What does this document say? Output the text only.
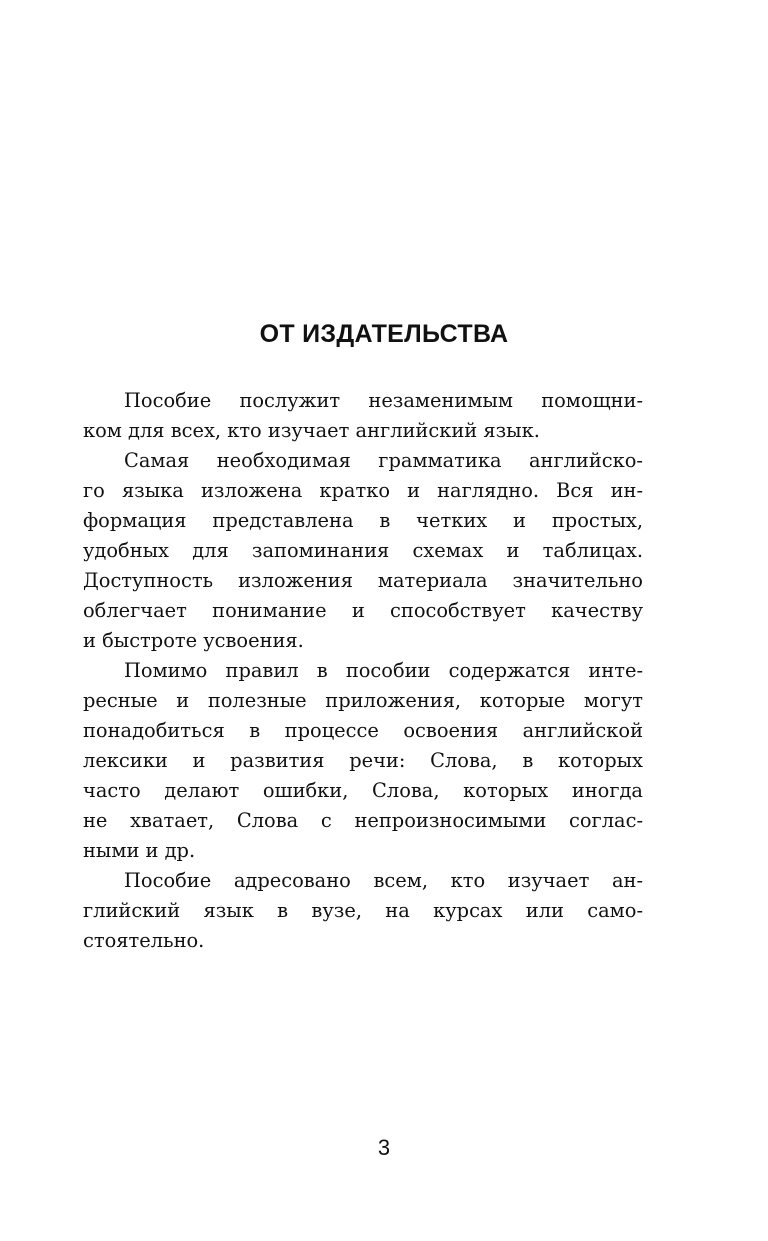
ОТ ИЗДАТЕЛЬСТВА
Пособие послужит незаменимым помощни-
ком для всех, кто изучает английский язык.
Самая необходимая грамматика английско-
го языка изложена кратко и наглядно. Вся ин-
формация представлена в четких и простых,
удобных для запоминания схемах и таблицах.
Доступность изложения материала значительно
облегчает понимание и способствует качеству
и быстроте усвоения.
Помимо правил в пособии содержатся инте-
ресные и полезные приложения, которые могут
понадобиться в процессе освоения английской
лексики и развития речи: Слова, в которых
часто делают ошибки, Слова, которых иногда
не хватает, Слова с непроизносимыми соглас-
ными и др.
Пособие адресовано всем, кто изучает ан-
глийский язык в вузе, на курсах или само-
стоятельно.
3
